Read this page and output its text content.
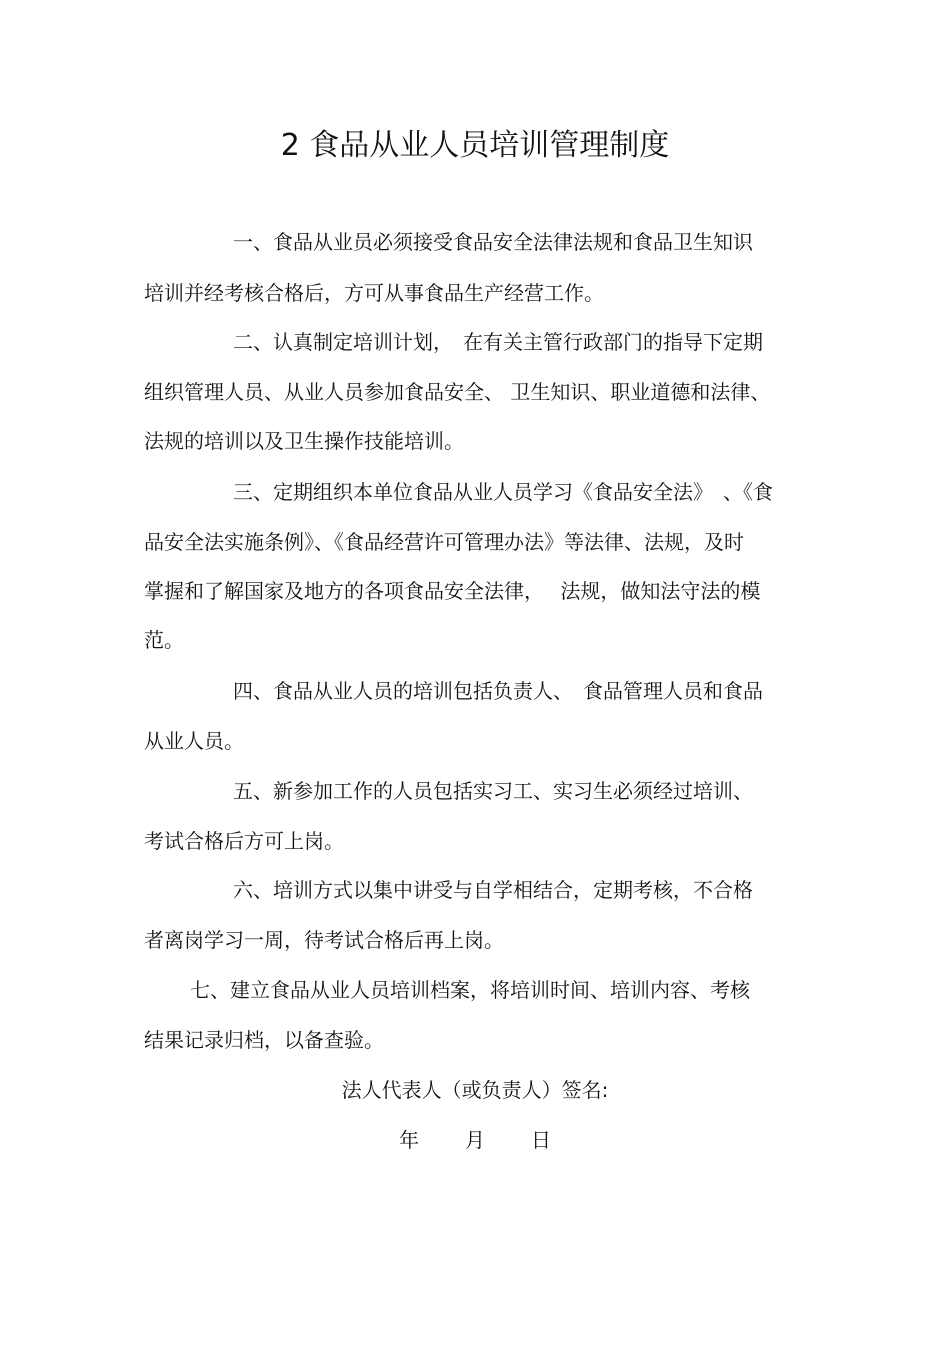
2 食品从业人员培训管理制度

一、食品从业员必须接受食品安全法律法规和食品卫生知识

培训并经考核合格后，方可从事食品生产经营工作。

二、认真制定培训计划，　在有关主管行政部门的指导下定期

组织管理人员、从业人员参加食品安全、 卫生知识、职业道德和法律、

法规的培训以及卫生操作技能培训。

三、定期组织本单位食品从业人员学习《食品安全法》　、《食

品安全法实施条例》、《食品经营许可管理办法》等法律、法规，及时

掌握和了解国家及地方的各项食品安全法律，　 法规，做知法守法的模

范。

四、食品从业人员的培训包括负责人、　食品管理人员和食品

从业人员。

五、新参加工作的人员包括实习工、实习生必须经过培训、

考试合格后方可上岗。

六、培训方式以集中讲受与自学相结合，定期考核，不合格

者离岗学习一周，待考试合格后再上岗。

七、建立食品从业人员培训档案，将培训时间、培训内容、考核

结果记录归档，以备查验。

法人代表人（或负责人）签名:

年 月 日
